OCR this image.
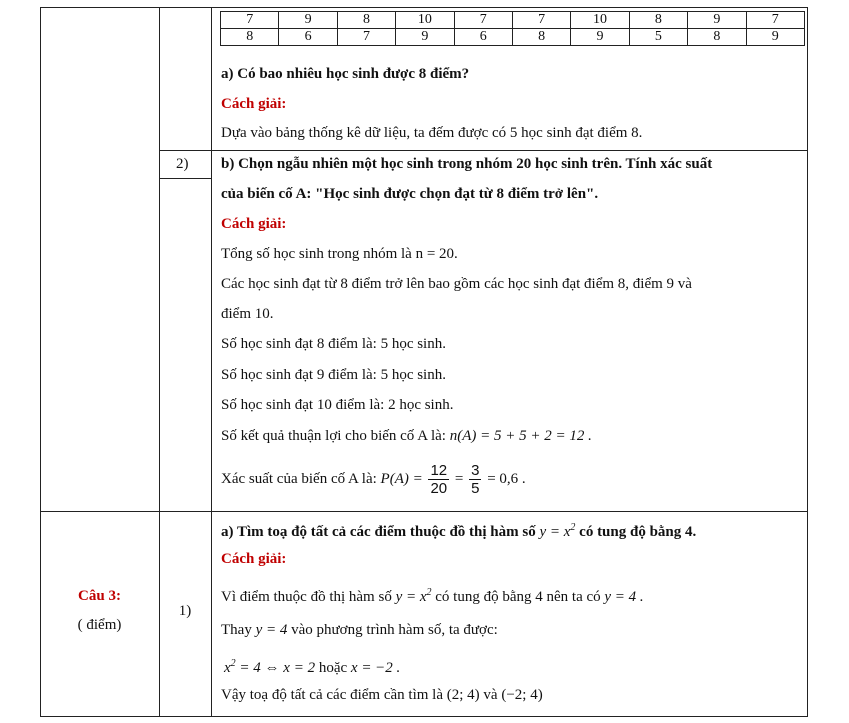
7	9	8	10	7	7	10	8	9	7
8	6	7	9	6	8	9	5	8	9
a) Có bao nhiêu học sinh được 8 điểm?
Cách giải:
Dựa vào bảng thống kê dữ liệu, ta đếm được có 5 học sinh đạt điểm 8.
2) b) Chọn ngẫu nhiên một học sinh trong nhóm 20 học sinh trên. Tính xác suất
của biến cố A: "Học sinh được chọn đạt từ 8 điểm trở lên".
Cách giải:
Tổng số học sinh trong nhóm là n = 20.
Các học sinh đạt từ 8 điểm trở lên bao gồm các học sinh đạt điểm 8, điểm 9 và
điểm 10.
Số học sinh đạt 8 điểm là: 5 học sinh.
Số học sinh đạt 9 điểm là: 5 học sinh.
Số học sinh đạt 10 điểm là: 2 học sinh.
Số kết quả thuận lợi cho biến cố A là: n(A) = 5 + 5 + 2 = 12 .
Xác suất của biến cố A là: $P(A) = \frac{12}{20} = \frac{3}{5} = 0,6$ .
Câu 3:
( điểm)
1)
a) Tìm toạ độ tất cả các điểm thuộc đồ thị hàm số $y = x^2$ có tung độ bằng 4.
Cách giải:
Vì điểm thuộc đồ thị hàm số $y = x^2$ có tung độ bằng 4 nên ta có y = 4 .
Thay y = 4 vào phương trình hàm số, ta được:
$x^2 = 4$ ⇔ x = 2 hoặc x = −2 .
Vậy toạ độ tất cả các điểm cần tìm là (2; 4) và (−2; 4)
